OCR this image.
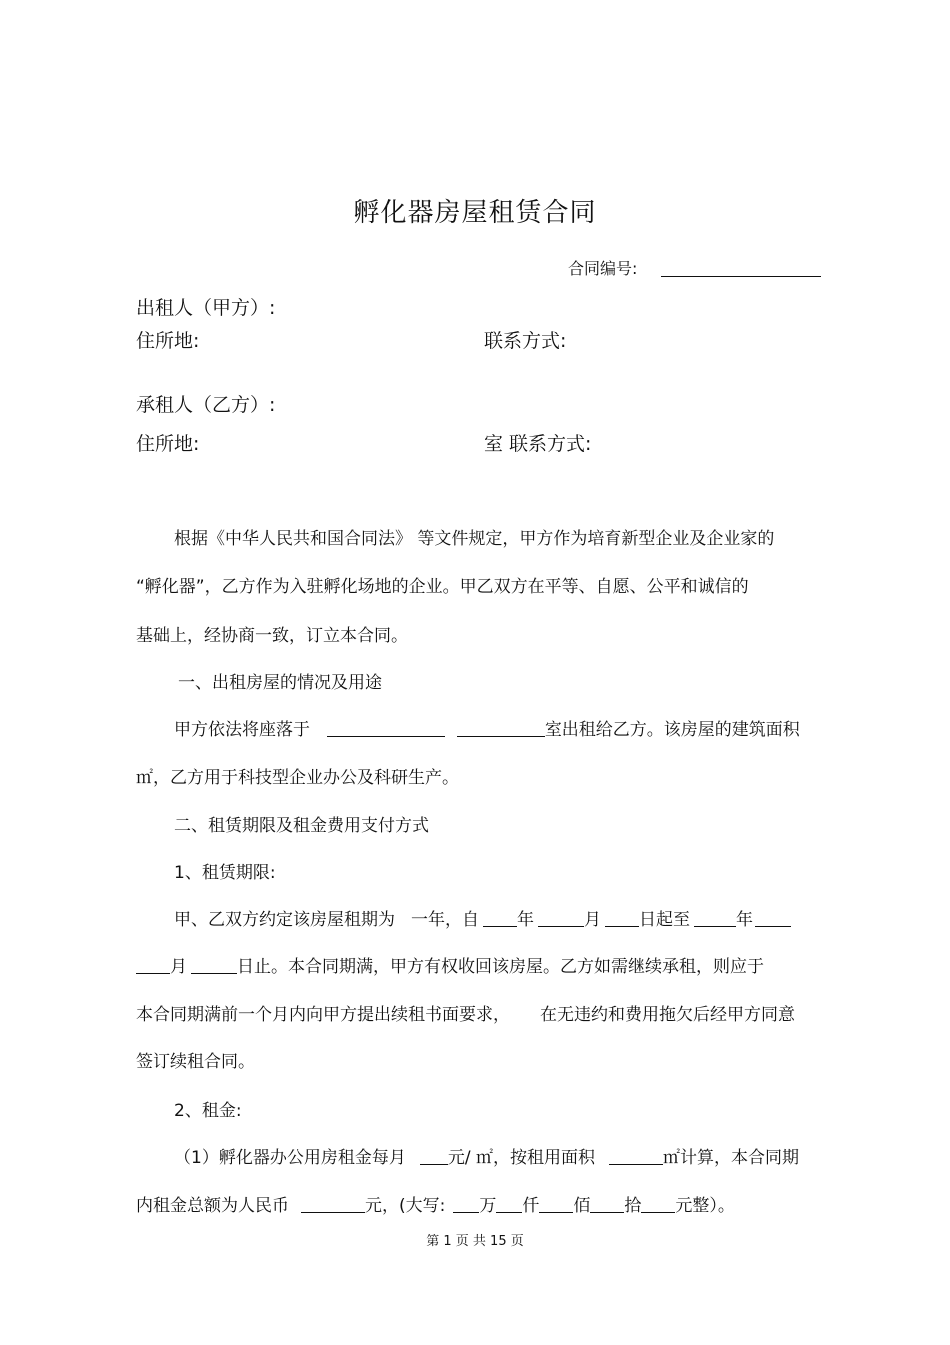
孵化器房屋租赁合同
合同编号:
出租人（甲方）:
住所地:	联系方式:
承租人（乙方）:
住所地:	室 联系方式:
根据《中华人民共和国合同法》 等文件规定，甲方作为培育新型企业及企业家的
“孵化器”，乙方作为入驻孵化场地的企业。甲乙双方在平等、自愿、公平和诚信的
基础上，经协商一致，订立本合同。
一、出租房屋的情况及用途
甲方依法将座落于	室出租给乙方。该房屋的建筑面积
㎡，乙方用于科技型企业办公及科研生产。
二、租赁期限及租金费用支付方式
1、租赁期限:
甲、乙双方约定该房屋租期为 一年，自 年	月 日起至	年
月	日止。本合同期满，甲方有权收回该房屋。乙方如需继续承租，则应于
本合同期满前一个月内向甲方提出续租书面要求， 在无违约和费用拖欠后经甲方同意
签订续租合同。
2、租金:
（1）孵化器办公用房租金每月 元/ ㎡，按租用面积	㎡计算，本合同期
内租金总额为人民币	元，(大写: 万 仟 佰 拾 元整）。
第 1 页 共 15 页
